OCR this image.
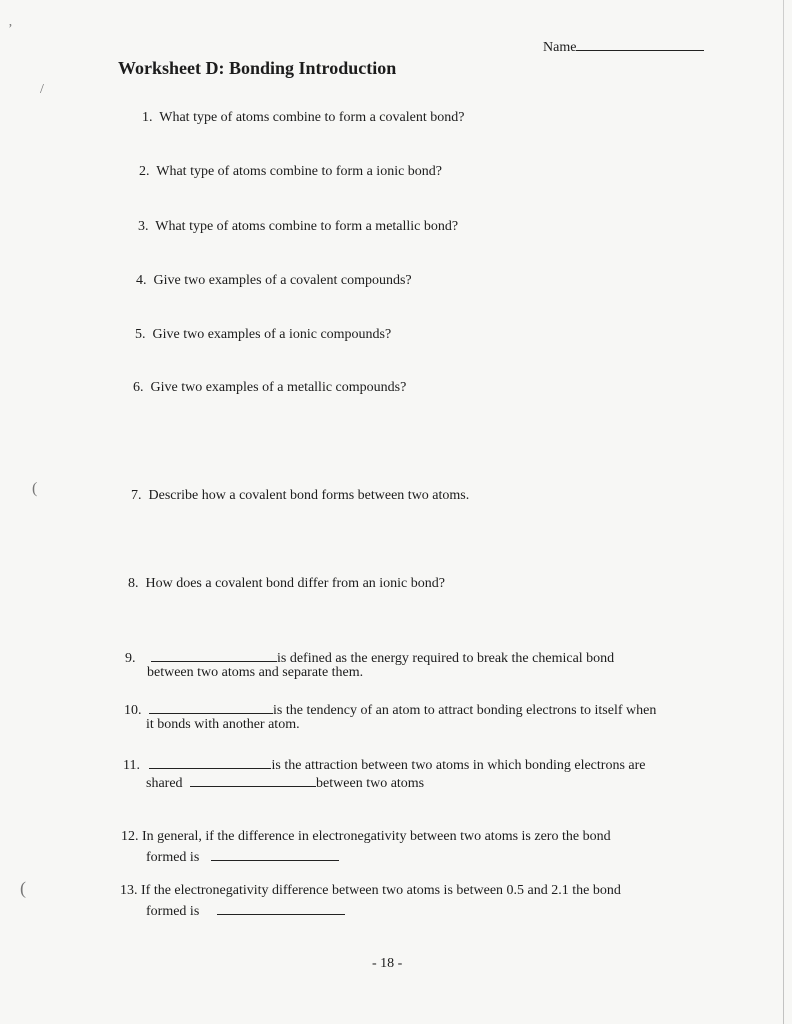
’
/
(
(
Name
Worksheet D: Bonding Introduction
1. What type of atoms combine to form a covalent bond?
2. What type of atoms combine to form a ionic bond?
3. What type of atoms combine to form a metallic bond?
4. Give two examples of a covalent compounds?
5. Give two examples of a ionic compounds?
6. Give two examples of a metallic compounds?
7. Describe how a covalent bond forms between two atoms.
8. How does a covalent bond differ from an ionic bond?
9.	is defined as the energy required to break the chemical bond
between two atoms and separate them.
10.	is the tendency of an atom to attract bonding electrons to itself when
it bonds with another atom.
11.	is the attraction between two atoms in which bonding electrons are
shared	between two atoms
12. In general, if the difference in electronegativity between two atoms is zero the bond
formed is
13. If the electronegativity difference between two atoms is between 0.5 and 2.1 the bond
formed is
- 18 -
